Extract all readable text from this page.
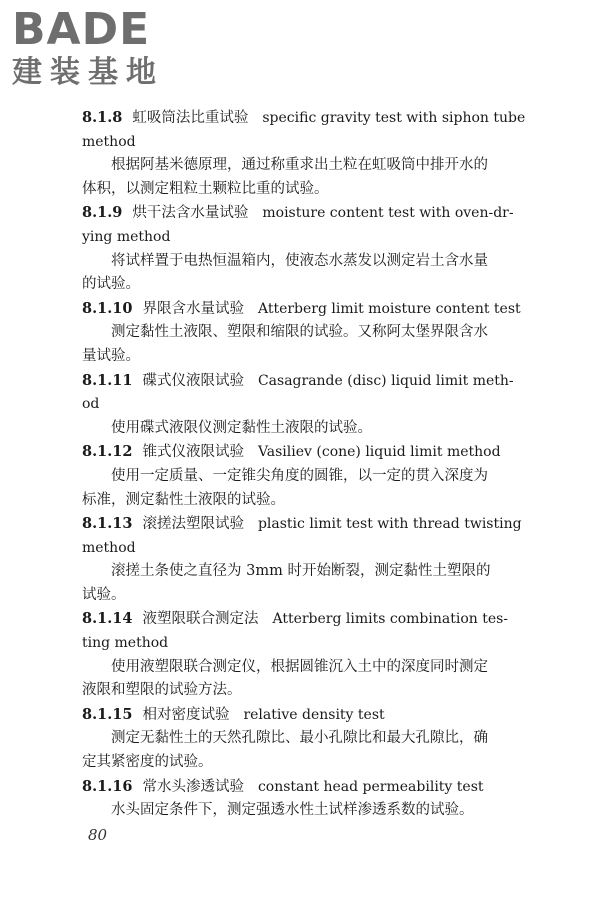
BADE
建装基地
8.1.8 虹吸筒法比重试验 specific gravity test with siphon tube
method
根据阿基米德原理，通过称重求出土粒在虹吸筒中排开水的
体积，以测定粗粒土颗粒比重的试验。
8.1.9 烘干法含水量试验 moisture content test with oven-dr-
ying method
将试样置于电热恒温箱内，使液态水蒸发以测定岩土含水量
的试验。
8.1.10 界限含水量试验 Atterberg limit moisture content test
测定黏性土液限、塑限和缩限的试验。又称阿太堡界限含水
量试验。
8.1.11 碟式仪液限试验 Casagrande (disc) liquid limit meth-
od
使用碟式液限仪测定黏性土液限的试验。
8.1.12 锥式仪液限试验 Vasiliev (cone) liquid limit method
使用一定质量、一定锥尖角度的圆锥，以一定的贯入深度为
标准，测定黏性土液限的试验。
8.1.13 滚搓法塑限试验 plastic limit test with thread twisting
method
滚搓土条使之直径为 3mm 时开始断裂，测定黏性土塑限的
试验。
8.1.14 液塑限联合测定法 Atterberg limits combination tes-
ting method
使用液塑限联合测定仪，根据圆锥沉入土中的深度同时测定
液限和塑限的试验方法。
8.1.15 相对密度试验 relative density test
测定无黏性土的天然孔隙比、最小孔隙比和最大孔隙比，确
定其紧密度的试验。
8.1.16 常水头渗透试验 constant head permeability test
水头固定条件下，测定强透水性土试样渗透系数的试验。
80
